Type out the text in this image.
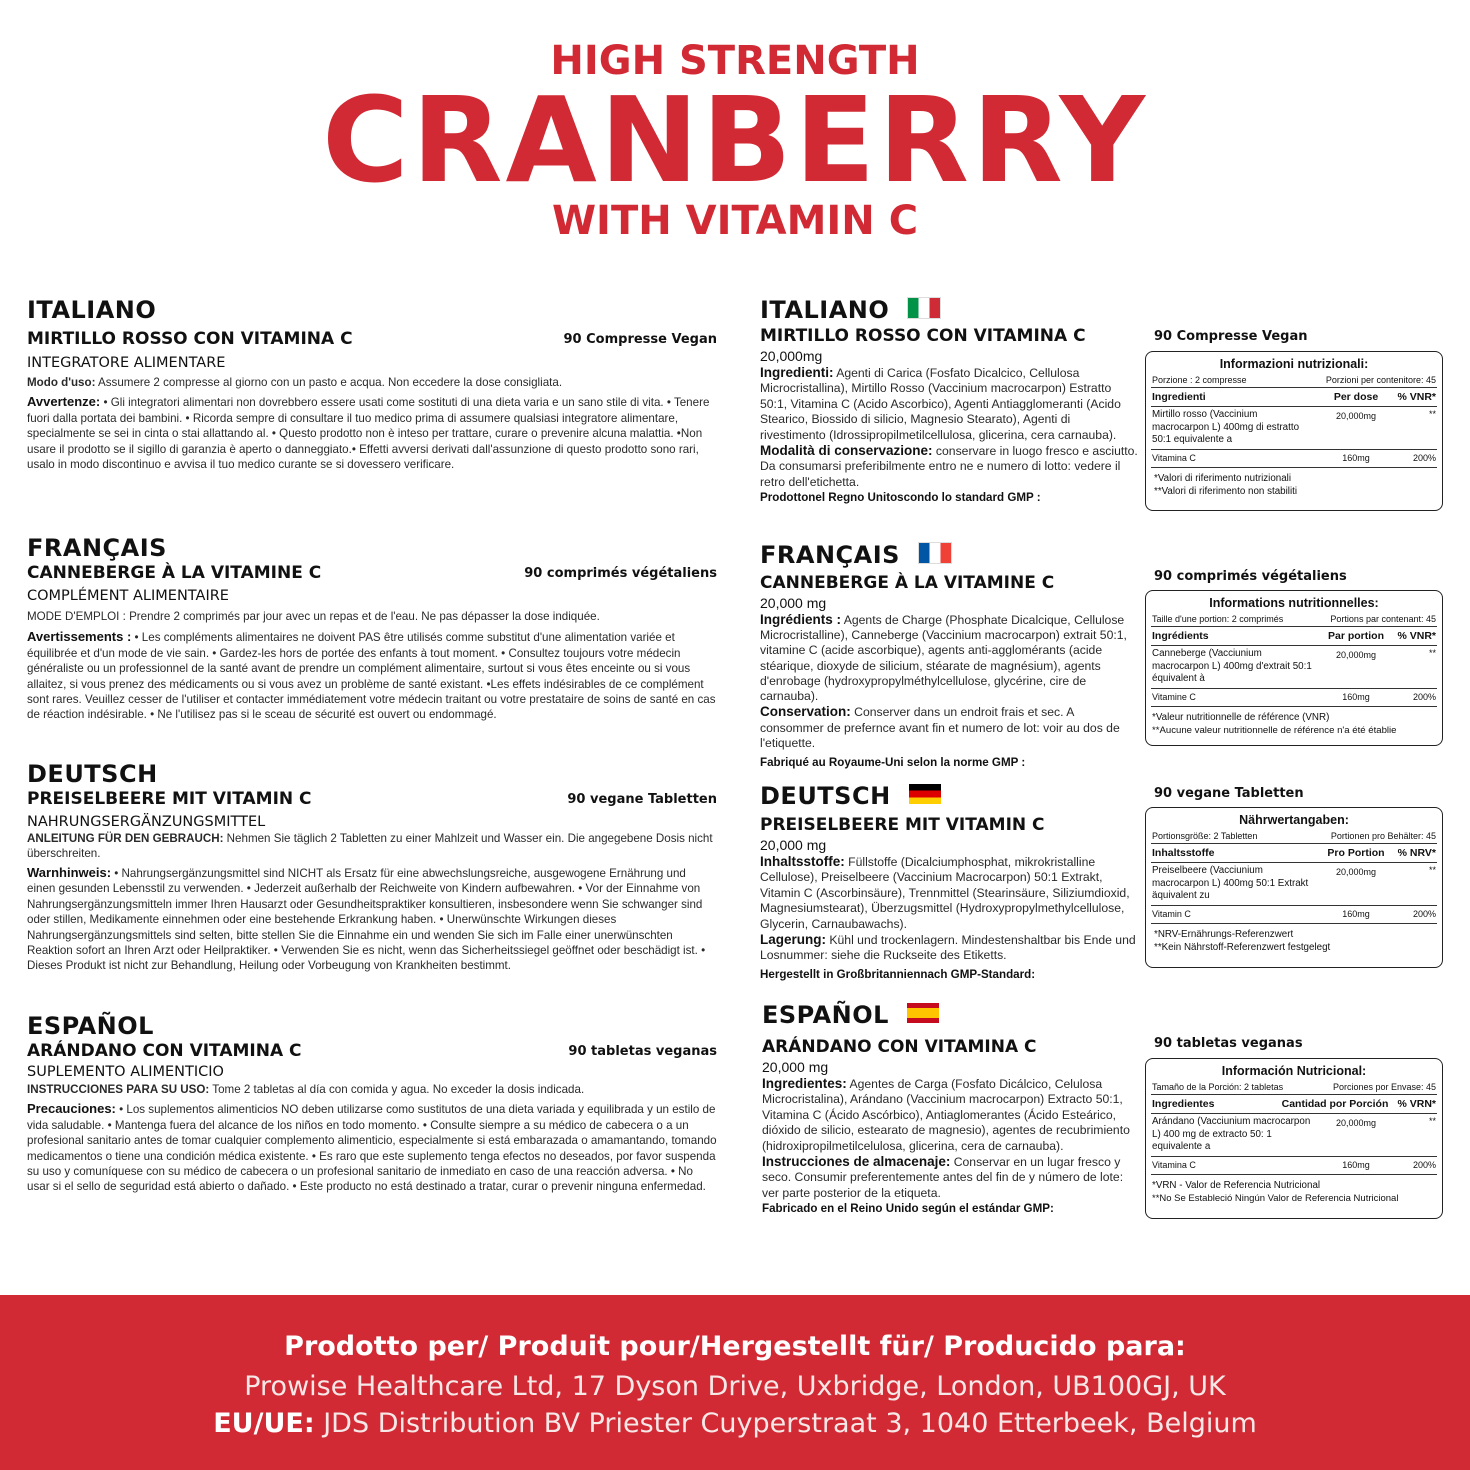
HIGH STRENGTH
CRANBERRY
WITH VITAMIN C
ITALIANO
MIRTILLO ROSSO CON VITAMINA C	90 Compresse Vegan
INTEGRATORE ALIMENTARE
Modo d'uso: Assumere 2 compresse al giorno con un pasto e acqua. Non eccedere la dose consigliata.
Avvertenze: • Gli integratori alimentari non dovrebbero essere usati come sostituti di una dieta varia e un sano stile di vita. • Tenere fuori dalla portata dei bambini. • Ricorda sempre di consultare il tuo medico prima di assumere qualsiasi integratore alimentare, specialmente se sei in cinta o stai allattando al. • Questo prodotto non è inteso per trattare, curare o prevenire alcuna malattia. •Non usare il prodotto se il sigillo di garanzia è aperto o danneggiato.• Effetti avversi derivati dall'assunzione di questo prodotto sono rari, usalo in modo discontinuo e avvisa il tuo medico curante se si dovessero verificare.
FRANÇAIS
CANNEBERGE À LA VITAMINE C	90 comprimés végétaliens
COMPLÉMENT ALIMENTAIRE
MODE D'EMPLOI : Prendre 2 comprimés par jour avec un repas et de l'eau. Ne pas dépasser la dose indiquée.
Avertissements : • Les compléments alimentaires ne doivent PAS être utilisés comme substitut d'une alimentation variée et équilibrée et d'un mode de vie sain. • Gardez-les hors de portée des enfants à tout moment. • Consultez toujours votre médecin généraliste ou un professionnel de la santé avant de prendre un complément alimentaire, surtout si vous êtes enceinte ou si vous allaitez, si vous prenez des médicaments ou si vous avez un problème de santé existant. •Les effets indésirables de ce complément sont rares. Veuillez cesser de l'utiliser et contacter immédiatement votre médecin traitant ou votre prestataire de soins de santé en cas de réaction indésirable. • Ne l'utilisez pas si le sceau de sécurité est ouvert ou endommagé.
DEUTSCH
PREISELBEERE MIT VITAMIN C	90 vegane Tabletten
NAHRUNGSERGÄNZUNGSMITTEL
ANLEITUNG FÜR DEN GEBRAUCH: Nehmen Sie täglich 2 Tabletten zu einer Mahlzeit und Wasser ein. Die angegebene Dosis nicht überschreiten.
Warnhinweis: • Nahrungsergänzungsmittel sind NICHT als Ersatz für eine abwechslungsreiche, ausgewogene Ernährung und einen gesunden Lebensstil zu verwenden. • Jederzeit außerhalb der Reichweite von Kindern aufbewahren. • Vor der Einnahme von Nahrungsergänzungsmitteln immer Ihren Hausarzt oder Gesundheitspraktiker konsultieren, insbesondere wenn Sie schwanger sind oder stillen, Medikamente einnehmen oder eine bestehende Erkrankung haben. • Unerwünschte Wirkungen dieses Nahrungsergänzungsmittels sind selten, bitte stellen Sie die Einnahme ein und wenden Sie sich im Falle einer unerwünschten Reaktion sofort an Ihren Arzt oder Heilpraktiker. • Verwenden Sie es nicht, wenn das Sicherheitssiegel geöffnet oder beschädigt ist. • Dieses Produkt ist nicht zur Behandlung, Heilung oder Vorbeugung von Krankheiten bestimmt.
ESPAÑOL
ARÁNDANO CON VITAMINA C	90 tabletas veganas
SUPLEMENTO ALIMENTICIO
INSTRUCCIONES PARA SU USO: Tome 2 tabletas al día con comida y agua. No exceder la dosis indicada.
Precauciones: • Los suplementos alimenticios NO deben utilizarse como sustitutos de una dieta variada y equilibrada y un estilo de vida saludable. • Mantenga fuera del alcance de los niños en todo momento. • Consulte siempre a su médico de cabecera o a un profesional sanitario antes de tomar cualquier complemento alimenticio, especialmente si está embarazada o amamantando, tomando medicamentos o tiene una condición médica existente. • Es raro que este suplemento tenga efectos no deseados, por favor suspenda su uso y comuníquese con su médico de cabecera o un profesional sanitario de inmediato en caso de una reacción adversa. • No usar si el sello de seguridad está abierto o dañado. • Este producto no está destinado a tratar, curar o prevenir ninguna enfermedad.
ITALIANO
MIRTILLO ROSSO CON VITAMINA C
20,000mg
Ingredienti: Agenti di Carica (Fosfato Dicalcico, Cellulosa Microcristallina), Mirtillo Rosso (Vaccinium macrocarpon) Estratto 50:1, Vitamina C (Acido Ascorbico), Agenti Antiagglomeranti (Acido Stearico, Biossido di silicio, Magnesio Stearato), Agenti di rivestimento (Idrossipropilmetilcellulosa, glicerina, cera carnauba).
Modalità di conservazione: conservare in luogo fresco e asciutto. Da consumarsi preferibilmente entro ne e numero di lotto: vedere il retro dell'etichetta.
Prodottonel Regno Unitoscondo lo standard GMP :
90 Compresse Vegan
Informazioni nutrizionali:
Porzione : 2 compresse	Porzioni per contenitore: 45
Ingredienti	Per dose	% VNR*
Mirtillo rosso (Vaccinium macrocarpon L) 400mg di estratto 50:1 equivalente a
20,000mg	**
Vitamina C	160mg	200%
*Valori di riferimento nutrizionali
**Valori di riferimento non stabiliti
FRANÇAIS
CANNEBERGE À LA VITAMINE C
20,000 mg
Ingrédients : Agents de Charge (Phosphate Dicalcique, Cellulose Microcristalline), Canneberge (Vaccinium macrocarpon) extrait 50:1, vitamine C (acide ascorbique), agents anti-agglomérants (acide stéarique, dioxyde de silicium, stéarate de magnésium), agents d'enrobage (hydroxypropylméthylcellulose, glycérine, cire de carnauba).
Conservation: Conserver dans un endroit frais et sec. A consommer de prefernce avant fin et numero de lot: voir au dos de l'etiquette.
Fabriqué au Royaume-Uni selon la norme GMP :
90 comprimés végétaliens
Informations nutritionnelles:
Taille d'une portion: 2 comprimés	Portions par contenant: 45
Ingrédients	Par portion	% VNR*
Canneberge (Vacciunium macrocarpon L) 400mg d'extrait 50:1 équivalent à
20,000mg	**
Vitamine C	160mg	200%
*Valeur nutritionnelle de référence (VNR)
**Aucune valeur nutritionnelle de référence n'a été établie
DEUTSCH
PREISELBEERE MIT VITAMIN C
20,000 mg
Inhaltsstoffe: Füllstoffe (Dicalciumphosphat, mikrokristalline Cellulose), Preiselbeere (Vaccinium Macrocarpon) 50:1 Extrakt, Vitamin C (Ascorbinsäure), Trennmittel (Stearinsäure, Siliziumdioxid, Magnesiumstearat), Überzugsmittel (Hydroxypropylmethylcellulose, Glycerin, Carnaubawachs).
Lagerung: Kühl und trockenlagern. Mindestenshaltbar bis Ende und Losnummer: siehe die Ruckseite des Etiketts.
Hergestellt in Großbritanniennach GMP-Standard:
90 vegane Tabletten
Nährwertangaben:
Portionsgröße: 2 Tabletten	Portionen pro Behälter: 45
Inhaltsstoffe	Pro Portion	% NRV*
Preiselbeere (Vacciunium macrocarpon L) 400mg 50:1 Extrakt äquivalent zu
20,000mg	**
Vitamin C	160mg	200%
*NRV-Ernährungs-Referenzwert
**Kein Nährstoff-Referenzwert festgelegt
ESPAÑOL
ARÁNDANO CON VITAMINA C
20,000 mg
Ingredientes: Agentes de Carga (Fosfato Dicálcico, Celulosa Microcristalina), Arándano (Vaccinium macrocarpon) Extracto 50:1, Vitamina C (Ácido Ascórbico), Antiaglomerantes (Ácido Esteárico, dióxido de silicio, estearato de magnesio), agentes de recubrimiento (hidroxipropilmetilcelulosa, glicerina, cera de carnauba).
Instrucciones de almacenaje: Conservar en un lugar fresco y seco. Consumir preferentemente antes del fin de y número de lote: ver parte posterior de la etiqueta.
Fabricado en el Reino Unido según el estándar GMP:
90 tabletas veganas
Información Nutricional:
Tamaño de la Porción: 2 tabletas	Porciones por Envase: 45
Ingredientes	Cantidad por Porción % VRN*
Arándano (Vacciunium macrocarpon L) 400 mg de extracto 50: 1 equivalente a
20,000mg	**
Vitamina C	160mg	200%
*VRN - Valor de Referencia Nutricional
**No Se Estableció Ningún Valor de Referencia Nutricional
Prodotto per/ Produit pour/Hergestellt für/ Producido para:
Prowise Healthcare Ltd, 17 Dyson Drive, Uxbridge, London, UB100GJ, UK
EU/UE: JDS Distribution BV Priester Cuyperstraat 3, 1040 Etterbeek, Belgium
